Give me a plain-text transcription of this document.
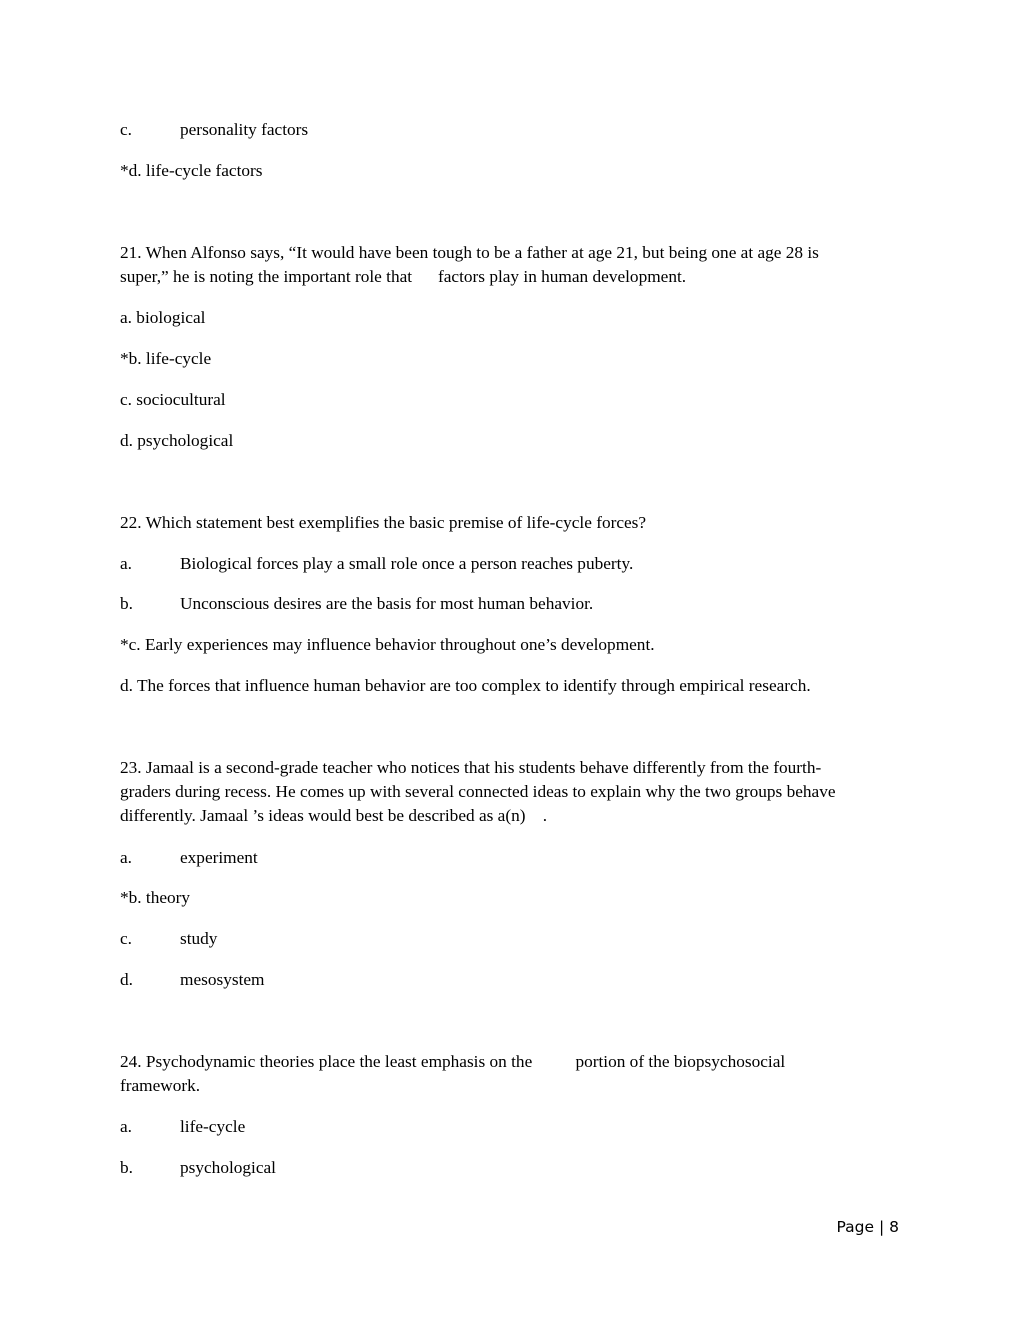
c.	personality factors
*d. life-cycle factors
21. When Alfonso says, “It would have been tough to be a father at age 21, but being one at age 28 is
super,” he is noting the important role that      factors play in human development.
a. biological
*b. life-cycle
c. sociocultural
d. psychological
22. Which statement best exemplifies the basic premise of life-cycle forces?
a.	Biological forces play a small role once a person reaches puberty.
b.	Unconscious desires are the basis for most human behavior.
*c. Early experiences may influence behavior throughout one’s development.
d. The forces that influence human behavior are too complex to identify through empirical research.
23. Jamaal is a second-grade teacher who notices that his students behave differently from the fourth-
graders during recess. He comes up with several connected ideas to explain why the two groups behave
differently. Jamaal ’s ideas would best be described as a(n)    .
a.	experiment
*b. theory
c.	study
d.	mesosystem
24. Psychodynamic theories place the least emphasis on the          portion of the biopsychosocial
framework.
a.	life-cycle
b.	psychological
Page | 8
